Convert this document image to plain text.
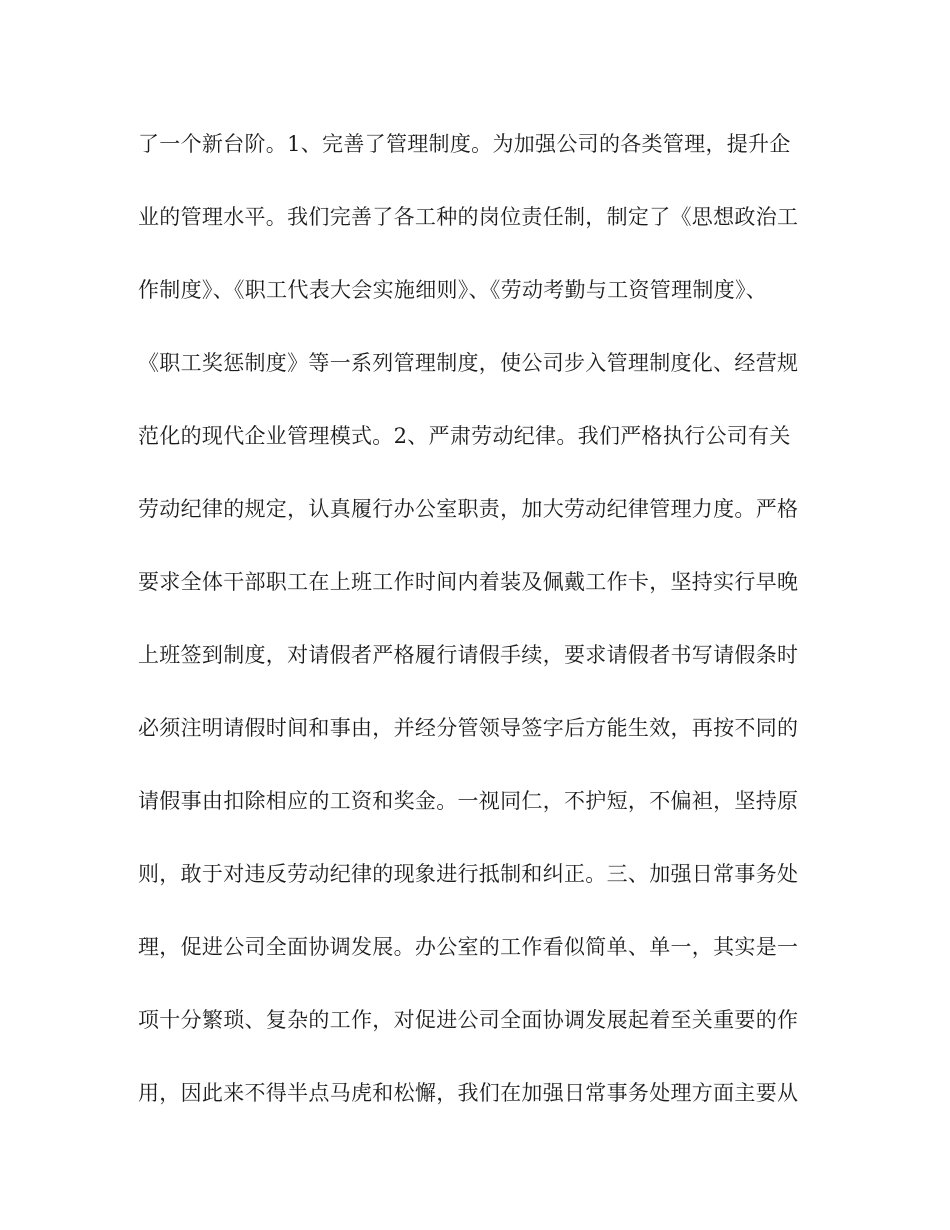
了一个新台阶。1、完善了管理制度。为加强公司的各类管理，提升企
业的管理水平。我们完善了各工种的岗位责任制，制定了《思想政治工
作制度》、《职工代表大会实施细则》、《劳动考勤与工资管理制度》、
《职工奖惩制度》等一系列管理制度，使公司步入管理制度化、经营规
范化的现代企业管理模式。2、严肃劳动纪律。我们严格执行公司有关
劳动纪律的规定，认真履行办公室职责，加大劳动纪律管理力度。严格
要求全体干部职工在上班工作时间内着装及佩戴工作卡，坚持实行早晚
上班签到制度，对请假者严格履行请假手续，要求请假者书写请假条时
必须注明请假时间和事由，并经分管领导签字后方能生效，再按不同的
请假事由扣除相应的工资和奖金。一视同仁，不护短，不偏袒，坚持原
则，敢于对违反劳动纪律的现象进行抵制和纠正。三、加强日常事务处
理，促进公司全面协调发展。办公室的工作看似简单、单一，其实是一
项十分繁琐、复杂的工作，对促进公司全面协调发展起着至关重要的作
用，因此来不得半点马虎和松懈，我们在加强日常事务处理方面主要从
